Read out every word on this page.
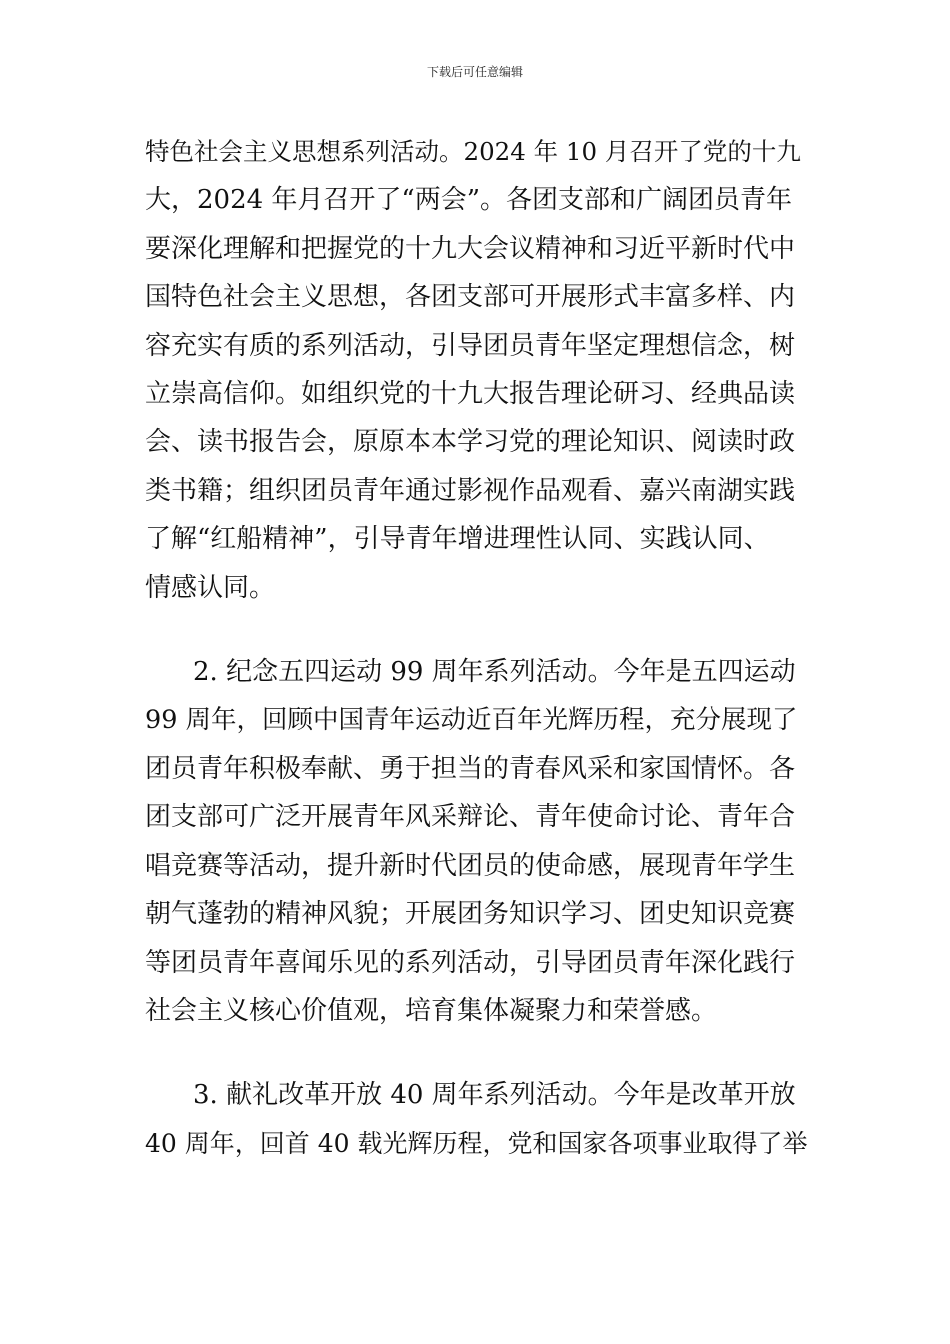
下载后可任意编辑

特色社会主义思想系列活动。2024 年 10 月召开了党的十九
大，2024 年月召开了“两会”。各团支部和广阔团员青年
要深化理解和把握党的十九大会议精神和习近平新时代中
国特色社会主义思想，各团支部可开展形式丰富多样、内
容充实有质的系列活动，引导团员青年坚定理想信念，树
立崇高信仰。如组织党的十九大报告理论研习、经典品读
会、读书报告会，原原本本学习党的理论知识、阅读时政
类书籍；组织团员青年通过影视作品观看、嘉兴南湖实践
了解“红船精神”，引导青年增进理性认同、实践认同、
情感认同。

2. 纪念五四运动 99 周年系列活动。今年是五四运动
99 周年，回顾中国青年运动近百年光辉历程，充分展现了
团员青年积极奉献、勇于担当的青春风采和家国情怀。各
团支部可广泛开展青年风采辩论、青年使命讨论、青年合
唱竞赛等活动，提升新时代团员的使命感，展现青年学生
朝气蓬勃的精神风貌；开展团务知识学习、团史知识竞赛
等团员青年喜闻乐见的系列活动，引导团员青年深化践行
社会主义核心价值观，培育集体凝聚力和荣誉感。

3. 献礼改革开放 40 周年系列活动。今年是改革开放
40 周年，回首 40 载光辉历程，党和国家各项事业取得了举
